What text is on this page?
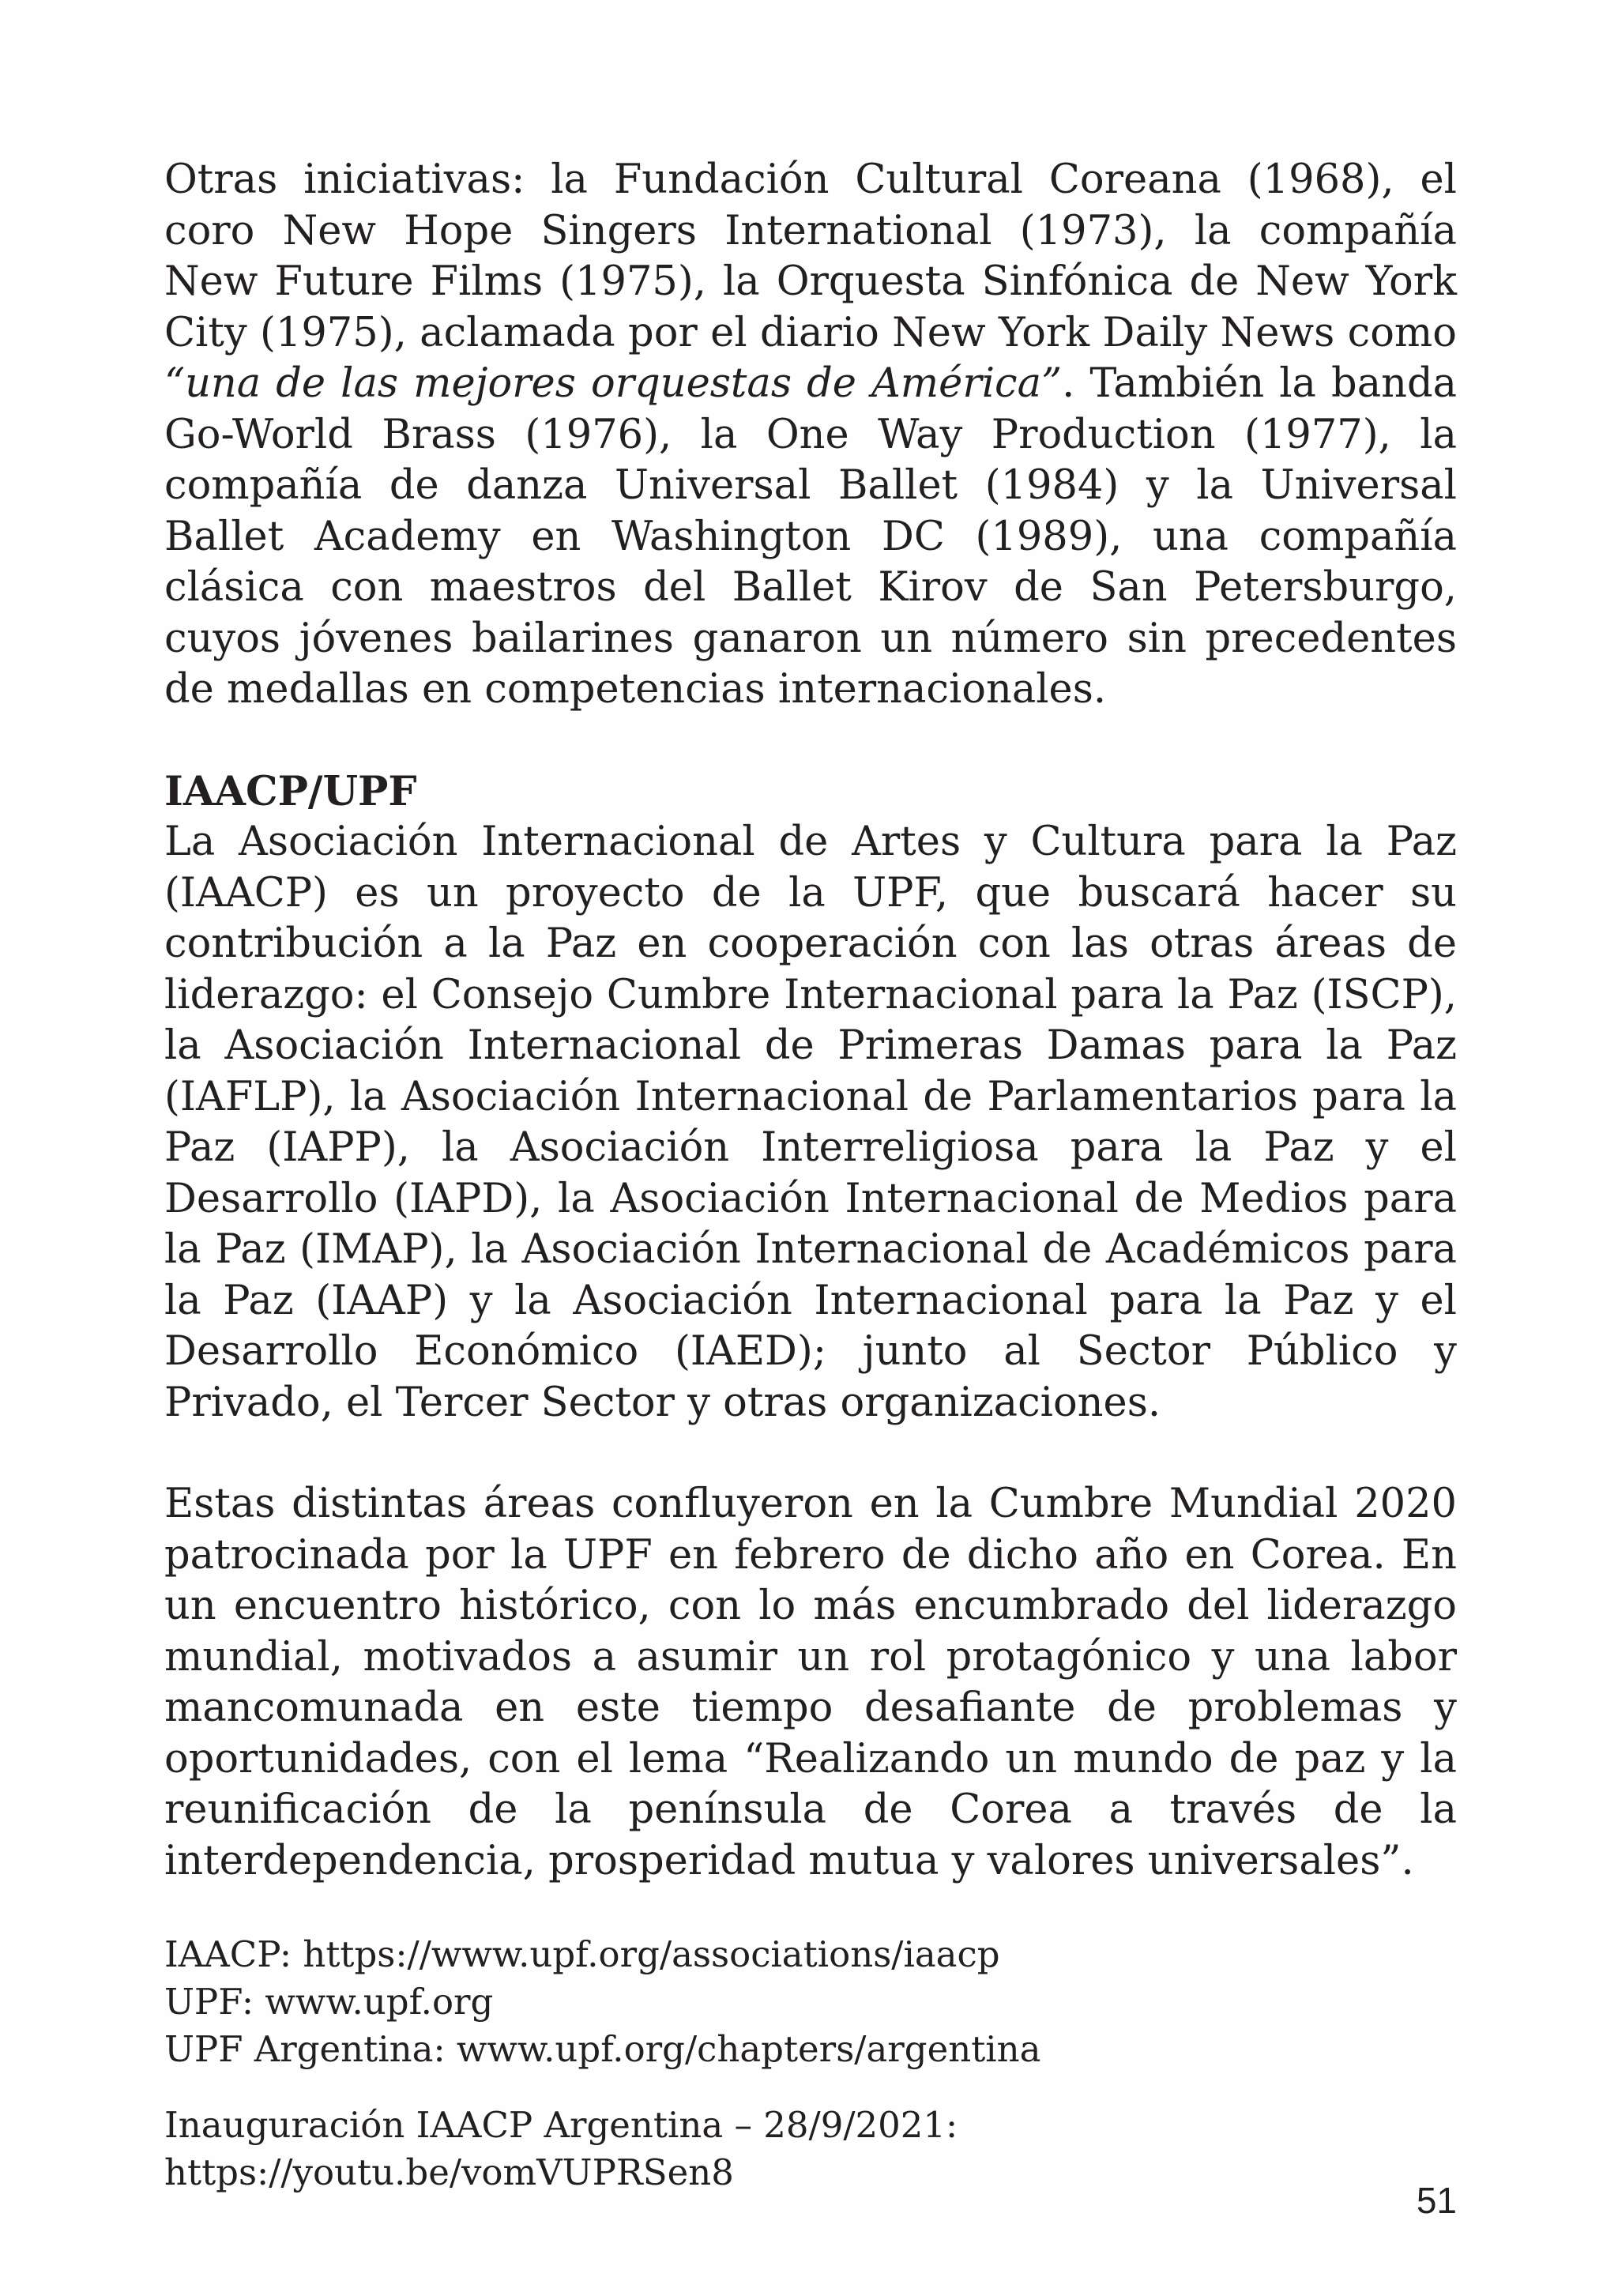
Otras iniciativas: la Fundación Cultural Coreana (1968), el coro New Hope Singers International (1973), la compañía New Future Films (1975), la Orquesta Sinfónica de New York City (1975), aclamada por el diario New York Daily News como “una de las mejores orquestas de América”. También la banda Go-World Brass (1976), la One Way Production (1977), la compañía de danza Universal Ballet (1984) y la Universal Ballet Academy en Washington DC (1989), una compañía clásica con maestros del Ballet Kirov de San Petersburgo, cuyos jóvenes bailarines ganaron un número sin precedentes de medallas en competencias internacionales.

IAACP/UPF

La Asociación Internacional de Artes y Cultura para la Paz (IAACP) es un proyecto de la UPF, que buscará hacer su contribución a la Paz en cooperación con las otras áreas de liderazgo: el Consejo Cumbre Internacional para la Paz (ISCP), la Asociación Internacional de Primeras Damas para la Paz (IAFLP), la Asociación Internacional de Parlamentarios para la Paz (IAPP), la Asociación Interreligiosa para la Paz y el Desarrollo (IAPD), la Asociación Internacional de Medios para la Paz (IMAP), la Asociación Internacional de Académicos para la Paz (IAAP) y la Asociación Internacional para la Paz y el Desarrollo Económico (IAED); junto al Sector Público y Privado, el Tercer Sector y otras organizaciones.

Estas distintas áreas confluyeron en la Cumbre Mundial 2020 patrocinada por la UPF en febrero de dicho año en Corea. En un encuentro histórico, con lo más encumbrado del liderazgo mundial, motivados a asumir un rol protagónico y una labor mancomunada en este tiempo desafiante de problemas y oportunidades, con el lema “Realizando un mundo de paz y la reunificación de la península de Corea a través de la interdependencia, prosperidad mutua y valores universales”.

IAACP: https://www.upf.org/associations/iaacp
UPF: www.upf.org
UPF Argentina: www.upf.org/chapters/argentina
Inauguración IAACP Argentina – 28/9/2021:
https://youtu.be/vomVUPRSen8
51
